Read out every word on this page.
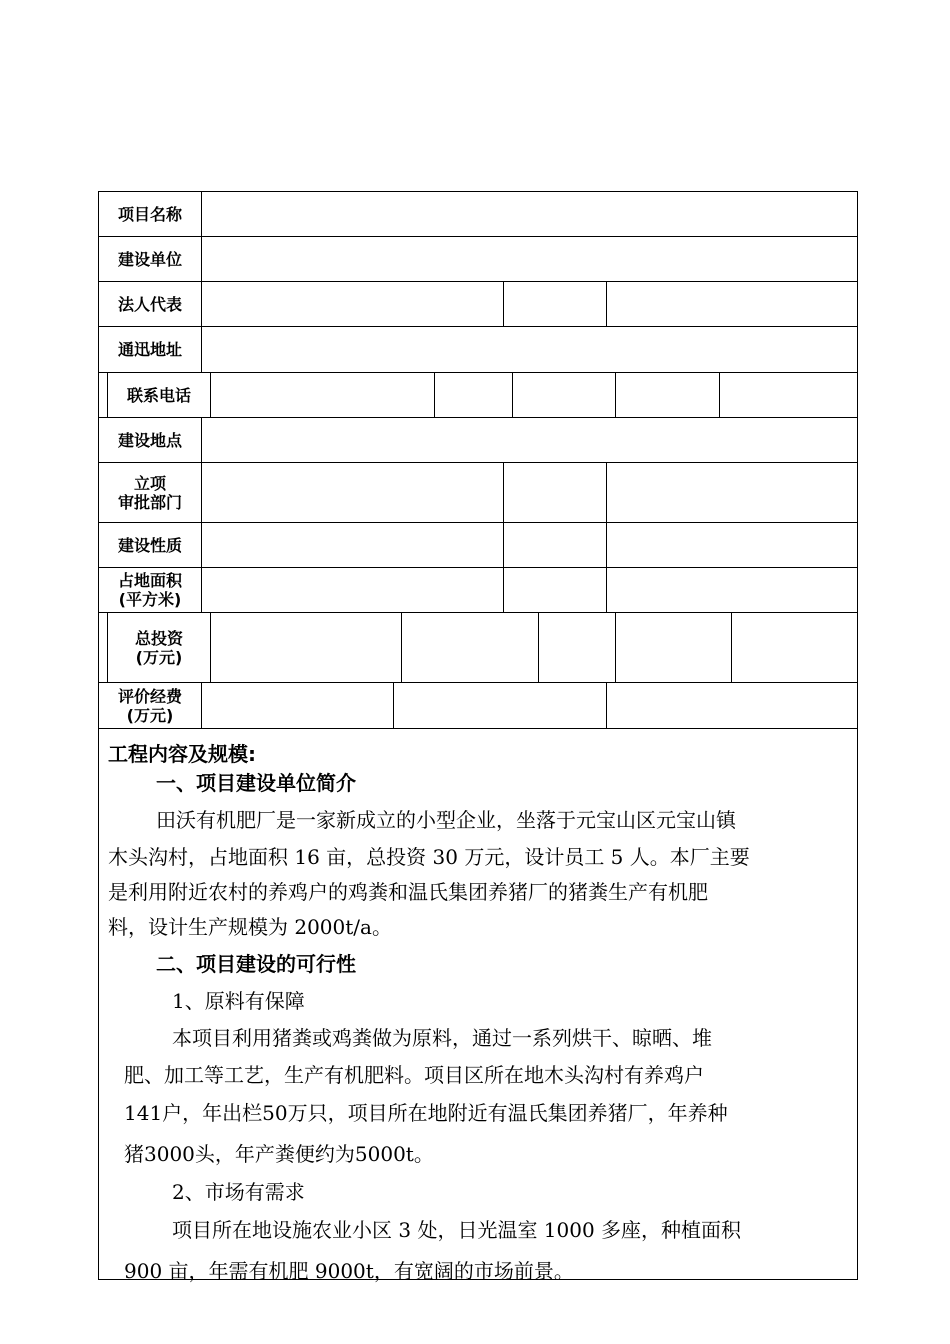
项目名称
建设单位
法人代表
通迅地址
联系电话
建设地点
立项
审批部门
建设性质
占地面积
(平方米)
总投资
(万元)
评价经费
(万元)
工程内容及规模:
一、项目建设单位简介
田沃有机肥厂是一家新成立的小型企业，坐落于元宝山区元宝山镇
木头沟村，占地面积 16 亩，总投资 30 万元，设计员工 5 人。本厂主要
是利用附近农村的养鸡户的鸡粪和温氏集团养猪厂的猪粪生产有机肥
料，设计生产规模为 2000t/a。
二、项目建设的可行性
1、原料有保障
本项目利用猪粪或鸡粪做为原料，通过一系列烘干、晾晒、堆
肥、加工等工艺，生产有机肥料。项目区所在地木头沟村有养鸡户
141户，年出栏50万只，项目所在地附近有温氏集团养猪厂，年养种
猪3000头，年产粪便约为5000t。
2、市场有需求
项目所在地设施农业小区 3 处，日光温室 1000 多座，种植面积
900 亩，年需有机肥 9000t，有宽阔的市场前景。
